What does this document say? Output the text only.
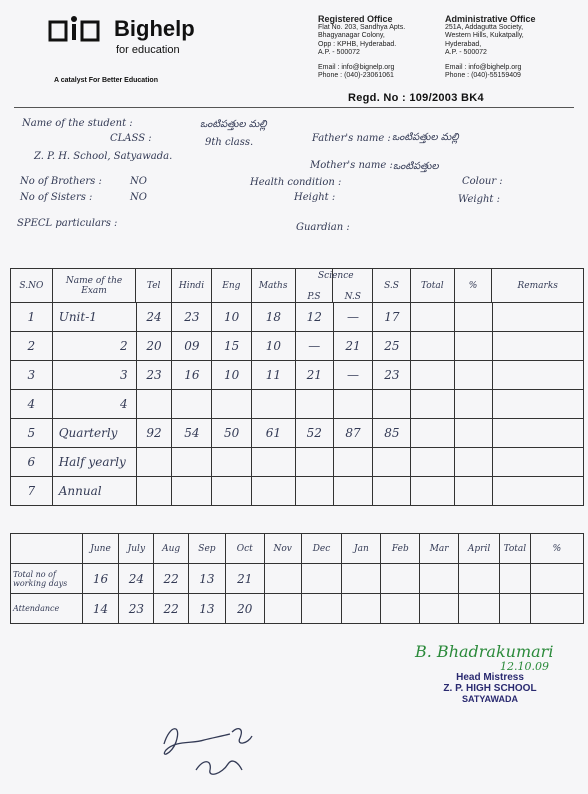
Bighelp
for education
A catalyst For Better Education
Registered Office
Flat No. 203, Sandhya Apts.
Bhagyanagar Colony,
Opp : KPHB, Hyderabad.
A.P. - 500072
Email : info@bignelp.org
Phone : (040)-23061061
Administrative Office
251A, Addagutta Society,
Western Hills, Kukatpally,
Hyderabad,
A.P. - 500072
Email : info@bighelp.org
Phone : (040)-55159409
Regd. No : 109/2003 BK4
Name of the student :	ఒంటిపత్తుల మల్లి
CLASS :	9th class.	Father's name : ఒంటిపత్తుల మల్లి
Z. P. H. School, Satyawada.
Mother's name : ఒంటిపత్తుల
No of Brothers :	NO	Health condition :	Colour :
No of Sisters :	NO	Height :	Weight :
SPECL particulars :	Guardian :
S.NO	Name of the Exam	Tel	Hindi	Eng	Maths	P.S	N.S	S.S	Total	%	Remarks
Science
1	Unit-1	24	23	10	18	12	—	17			
2	2	20	09	15	10	—	21	25			
3	3	23	16	10	11	21	—	23			
4	4										
5	Quarterly	92	54	50	61	52	87	85			
6	Half yearly										
7	Annual										
	June	July	Aug	Sep	Oct	Nov	Dec	Jan	Feb	Mar	April	Total	%
Total no of working days	16	24	22	13	21								
Attendance	14	23	22	13	20								
B. Bhadrakumari
12.10.09
Head Mistress
Z. P. HIGH SCHOOL
SATYAWADA
